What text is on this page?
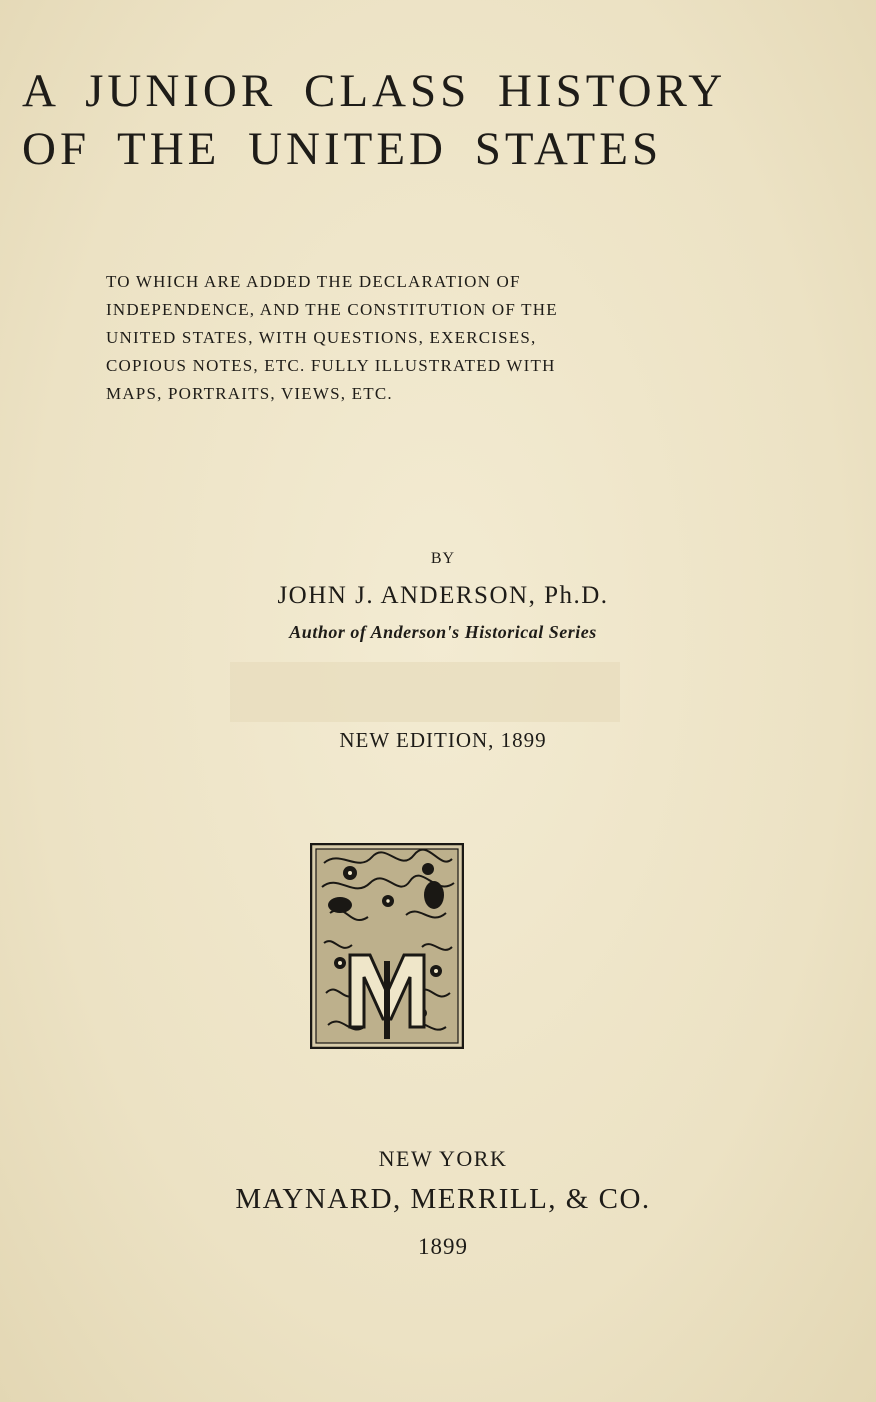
A JUNIOR CLASS HISTORY
OF THE UNITED STATES
TO WHICH ARE ADDED THE DECLARATION OF
INDEPENDENCE, AND THE CONSTITUTION OF THE
UNITED STATES, WITH QUESTIONS, EXERCISES,
COPIOUS NOTES, ETC. FULLY ILLUSTRATED WITH
MAPS, PORTRAITS, VIEWS, ETC.
BY
JOHN J. ANDERSON, Ph.D.
Author of Anderson's Historical Series
NEW EDITION, 1899
NEW YORK
MAYNARD, MERRILL, & CO.
1899
